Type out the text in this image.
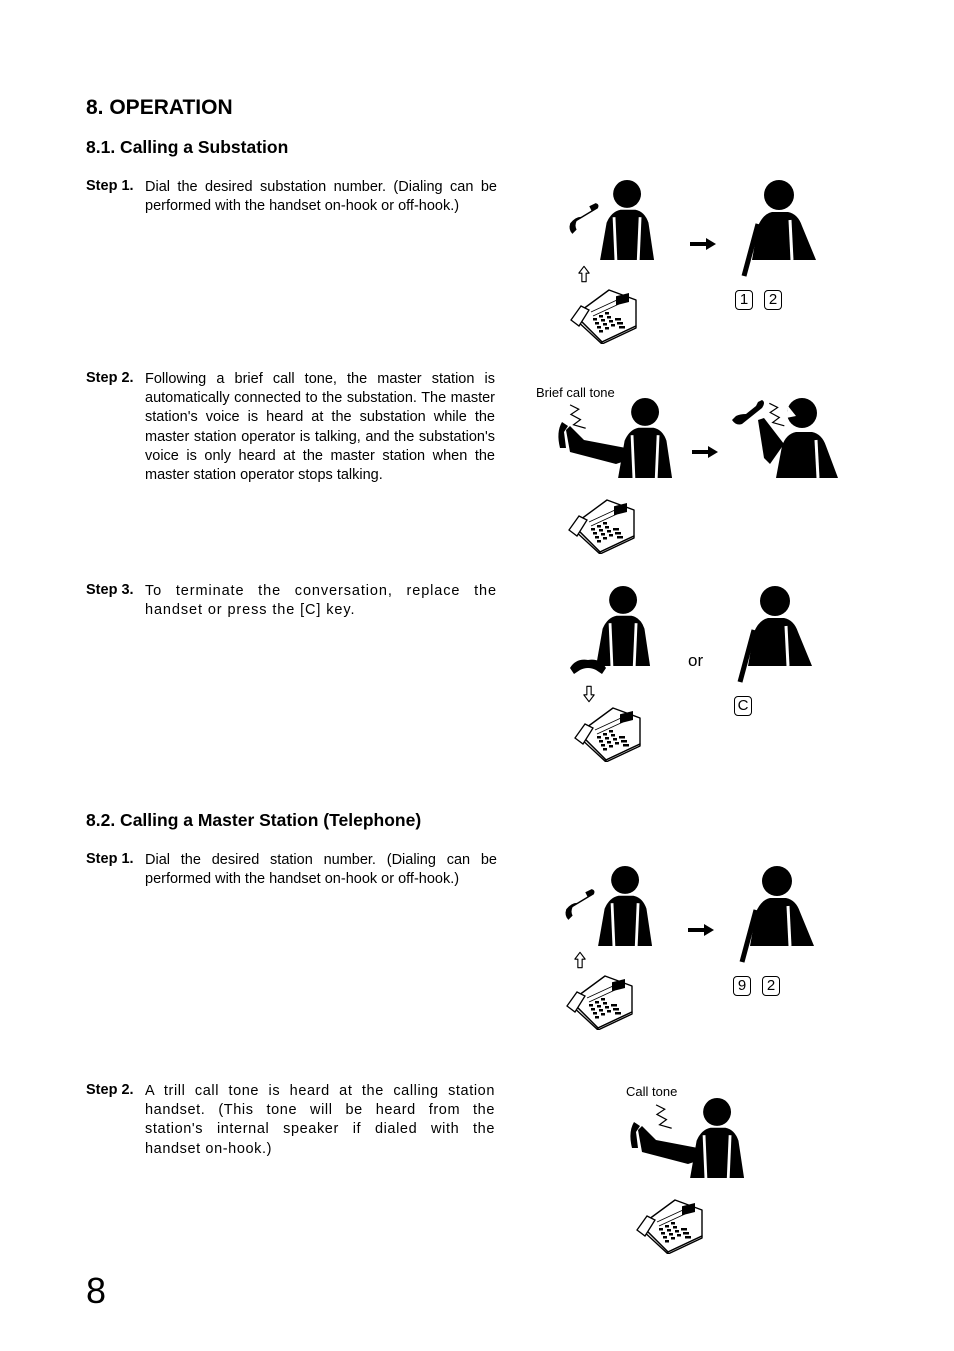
8. OPERATION
8.1. Calling a Substation
Step 1. Dial the desired substation number. (Dialing can be performed with the handset on-hook or off-hook.)
Step 2. Following a brief call tone, the master station is automatically connected to the substation. The master station's voice is heard at the substation while the master station operator is talking, and the substation's voice is only heard at the master station when the master station operator stops talking.
Step 3. To terminate the conversation, replace the handset or press the [C] key.
8.2. Calling a Master Station (Telephone)
Step 1. Dial the desired station number. (Dialing can be performed with the handset on-hook or off-hook.)
Step 2. A trill call tone is heard at the calling station handset. (This tone will be heard from the station's internal speaker if dialed with the handset on-hook.)
8
1	2
Brief call tone
or
C
9	2
Call tone
